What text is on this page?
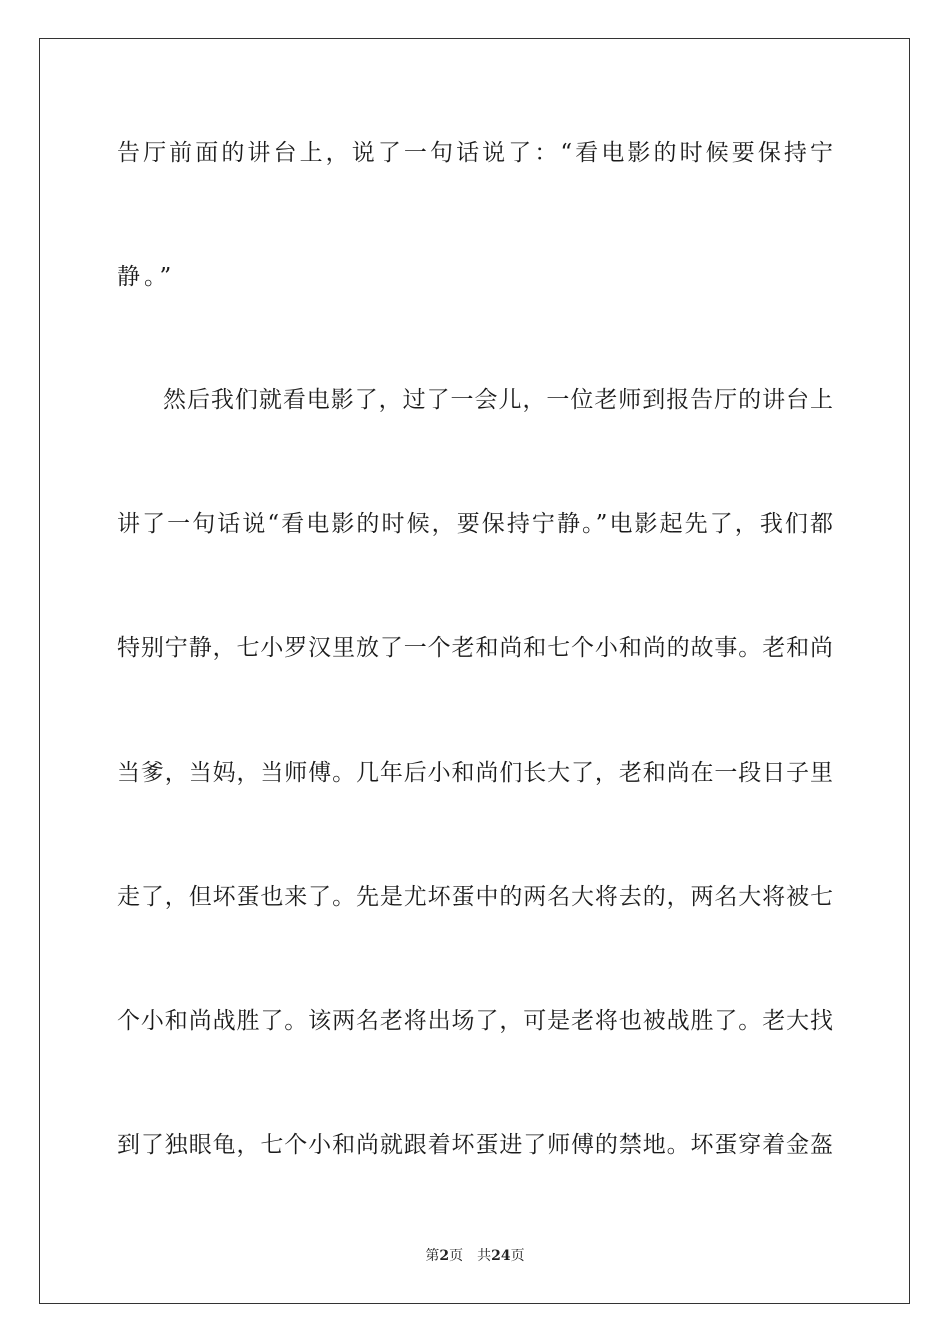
告厅前面的讲台上，说了一句话说了：“看电影的时候要保持宁
静。”
然后我们就看电影了，过了一会儿，一位老师到报告厅的讲台上
讲了一句话说“看电影的时候，要保持宁静。”电影起先了，我们都
特别宁静，七小罗汉里放了一个老和尚和七个小和尚的故事。老和尚
当爹，当妈，当师傅。几年后小和尚们长大了，老和尚在一段日子里
走了，但坏蛋也来了。先是尤坏蛋中的两名大将去的，两名大将被七
个小和尚战胜了。该两名老将出场了，可是老将也被战胜了。老大找
到了独眼龟，七个小和尚就跟着坏蛋进了师傅的禁地。坏蛋穿着金盔
第2页 共24页
